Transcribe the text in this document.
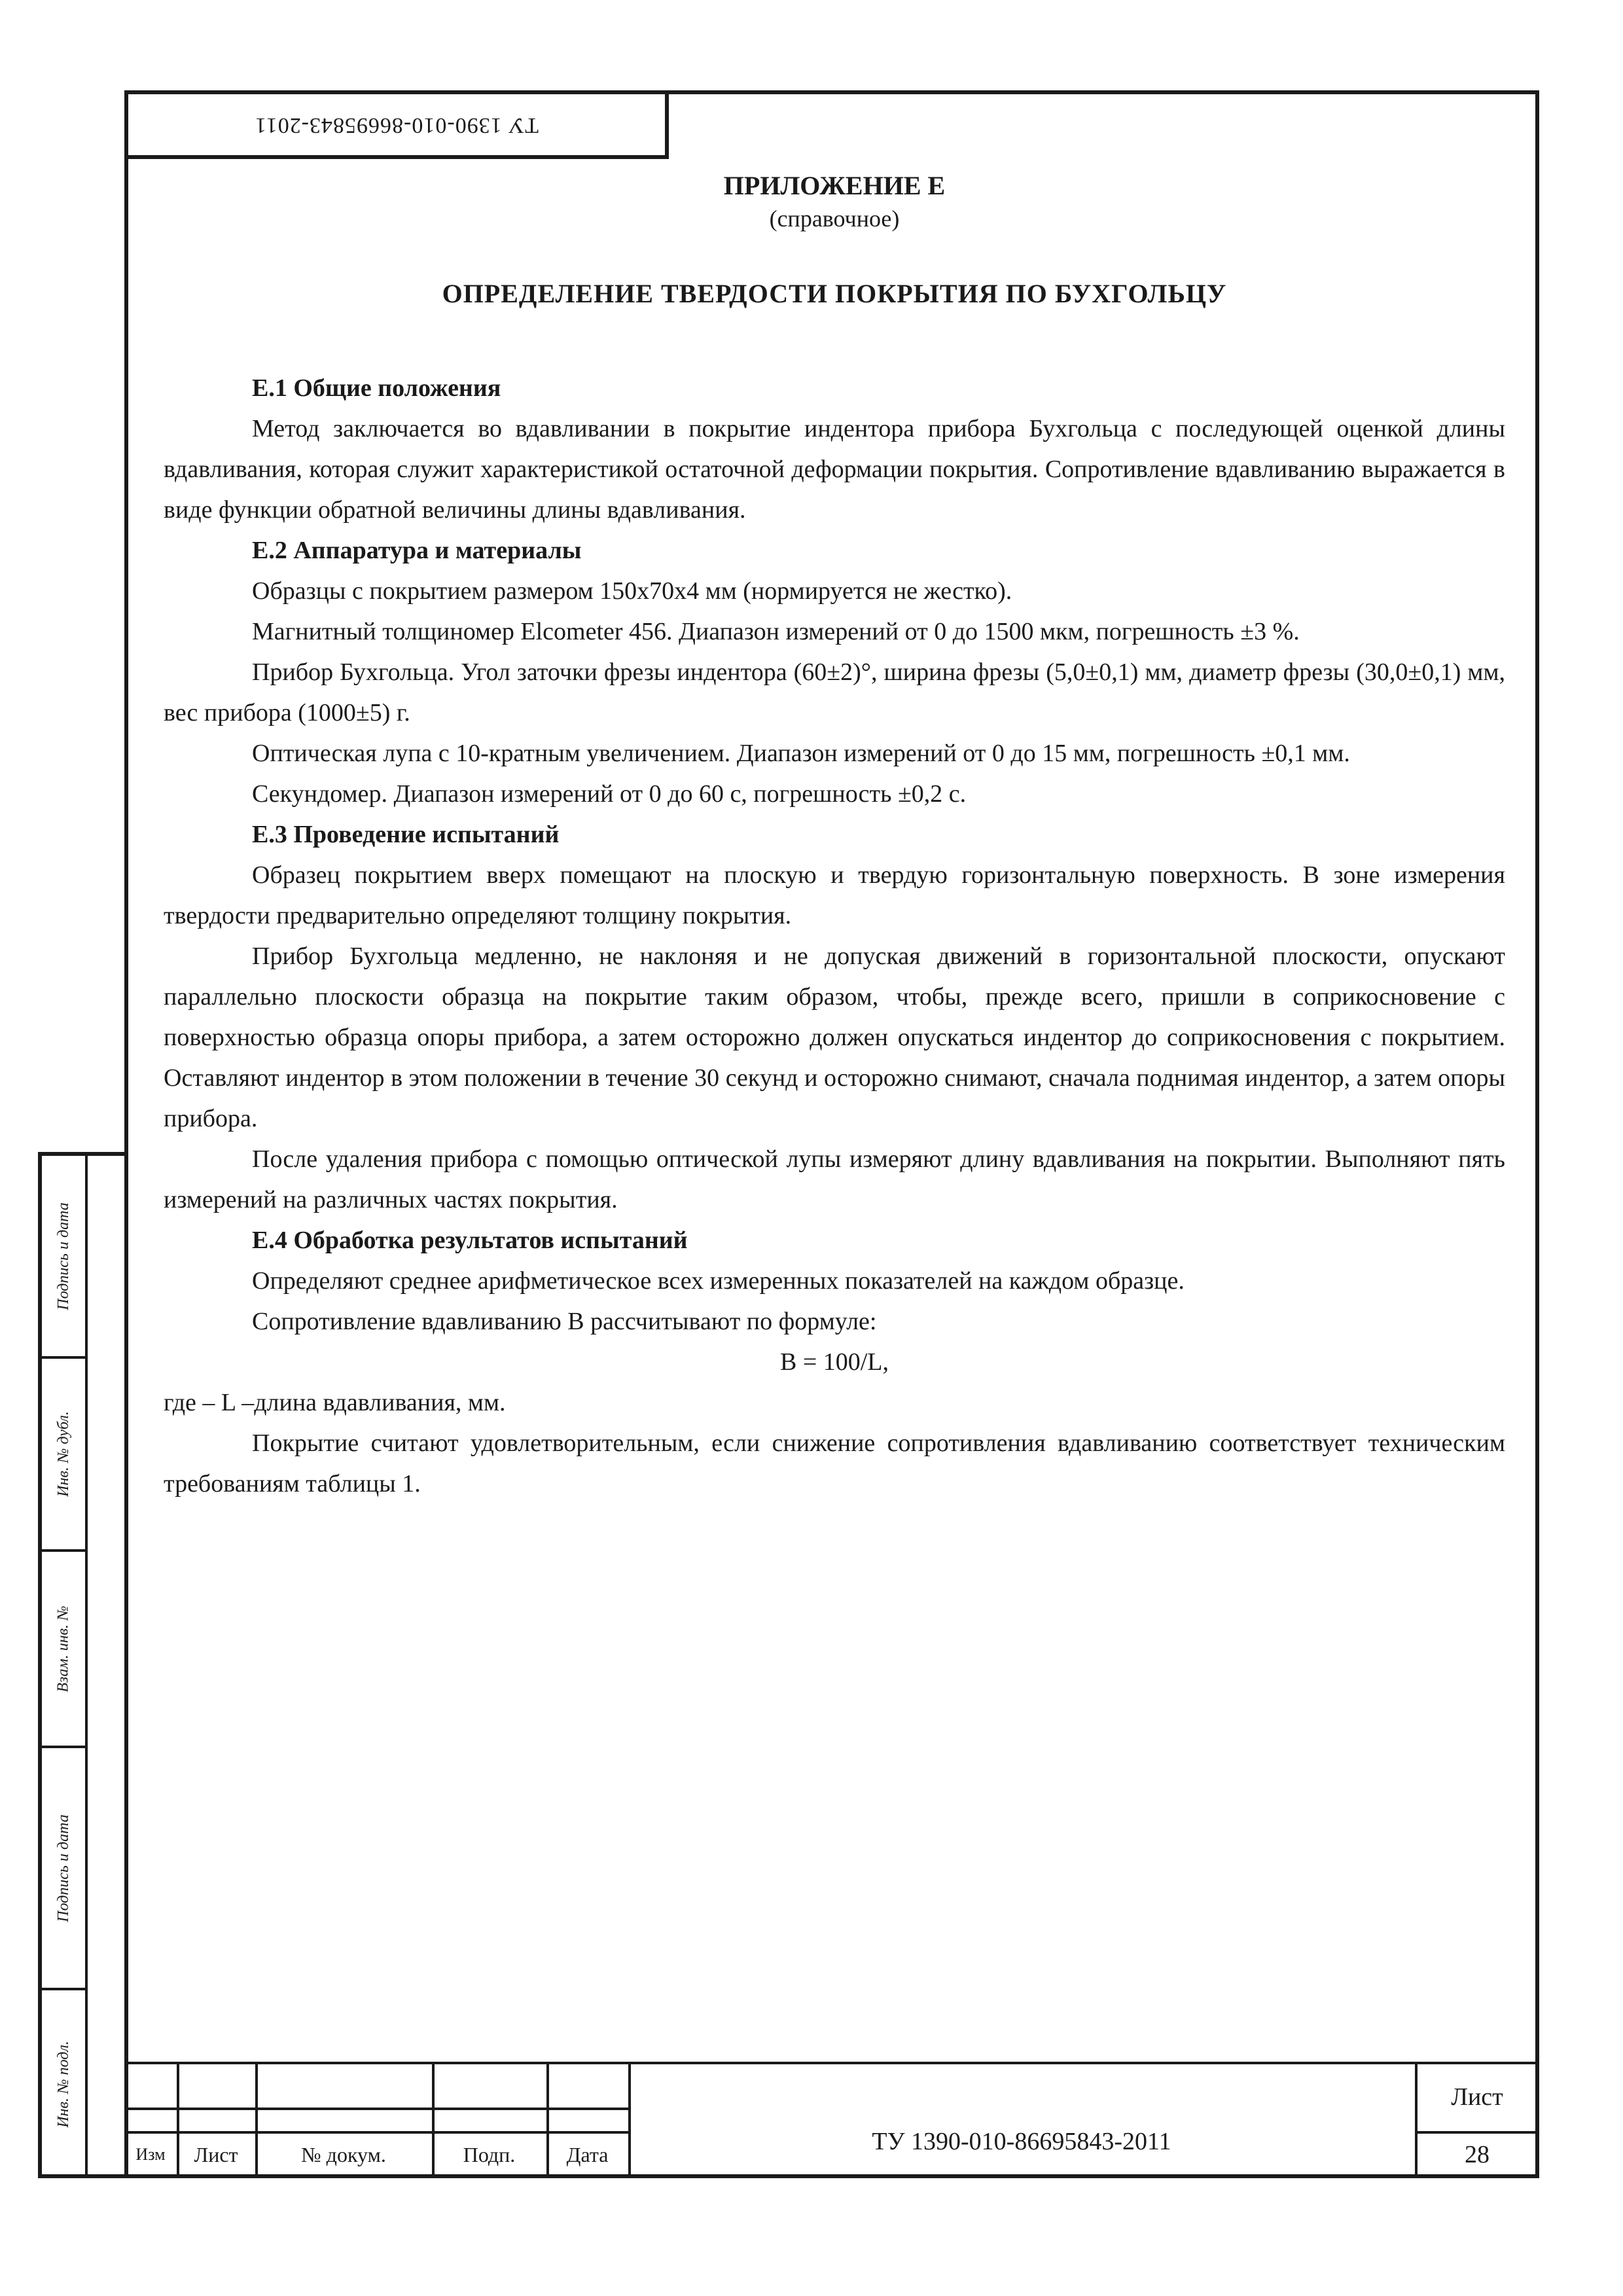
ТУ 1390-010-86695843-2011
Подпись и дата
Инв. № дубл.
Взам. инв. №
Подпись и дата
Инв. № подл.

ПРИЛОЖЕНИЕ Е

(справочное)

ОПРЕДЕЛЕНИЕ ТВЕРДОСТИ ПОКРЫТИЯ ПО БУХГОЛЬЦУ

Е.1 Общие положения

Метод заключается во вдавливании в покрытие индентора прибора Бухгольца с последующей оценкой длины вдавливания, которая служит характеристикой остаточной деформации покрытия. Сопротивление вдавливанию выражается в виде функции обратной величины длины вдавливания.

Е.2 Аппаратура и материалы

Образцы с покрытием размером 150х70х4 мм (нормируется не жестко).

Магнитный толщиномер Elcometer 456. Диапазон измерений от 0 до 1500 мкм, погрешность ±3 %.

Прибор Бухгольца. Угол заточки фрезы индентора (60±2)°, ширина фрезы (5,0±0,1) мм, диаметр фрезы (30,0±0,1) мм, вес прибора (1000±5) г.

Оптическая лупа с 10-кратным увеличением. Диапазон измерений от 0 до 15 мм, погрешность ±0,1 мм.

Секундомер. Диапазон измерений от 0 до 60 с, погрешность ±0,2 с.

Е.3 Проведение испытаний

Образец покрытием вверх помещают на плоскую и твердую горизонтальную поверхность. В зоне измерения твердости предварительно определяют толщину покрытия.

Прибор Бухгольца медленно, не наклоняя и не допуская движений в горизонтальной плоскости, опускают параллельно плоскости образца на покрытие таким образом, чтобы, прежде всего, пришли в соприкосновение с поверхностью образца опоры прибора, а затем осторожно должен опускаться индентор до соприкосновения с покрытием. Оставляют индентор в этом положении в течение 30 секунд и осторожно снимают, сначала поднимая индентор, а затем опоры прибора.

После удаления прибора с помощью оптической лупы измеряют длину вдавливания на покрытии. Выполняют пять измерений на различных частях покрытия.

Е.4 Обработка результатов испытаний

Определяют среднее арифметическое всех измеренных показателей на каждом образце.

Сопротивление вдавливанию В рассчитывают по формуле:

В = 100/L,

где – L –длина вдавливания, мм.

Покрытие считают удовлетворительным, если снижение сопротивления вдавливанию соответствует техническим требованиям таблицы 1.

Изм	Лист	№ докум.	Подп.	Дата	ТУ 1390-010-86695843-2011
Лист
28
